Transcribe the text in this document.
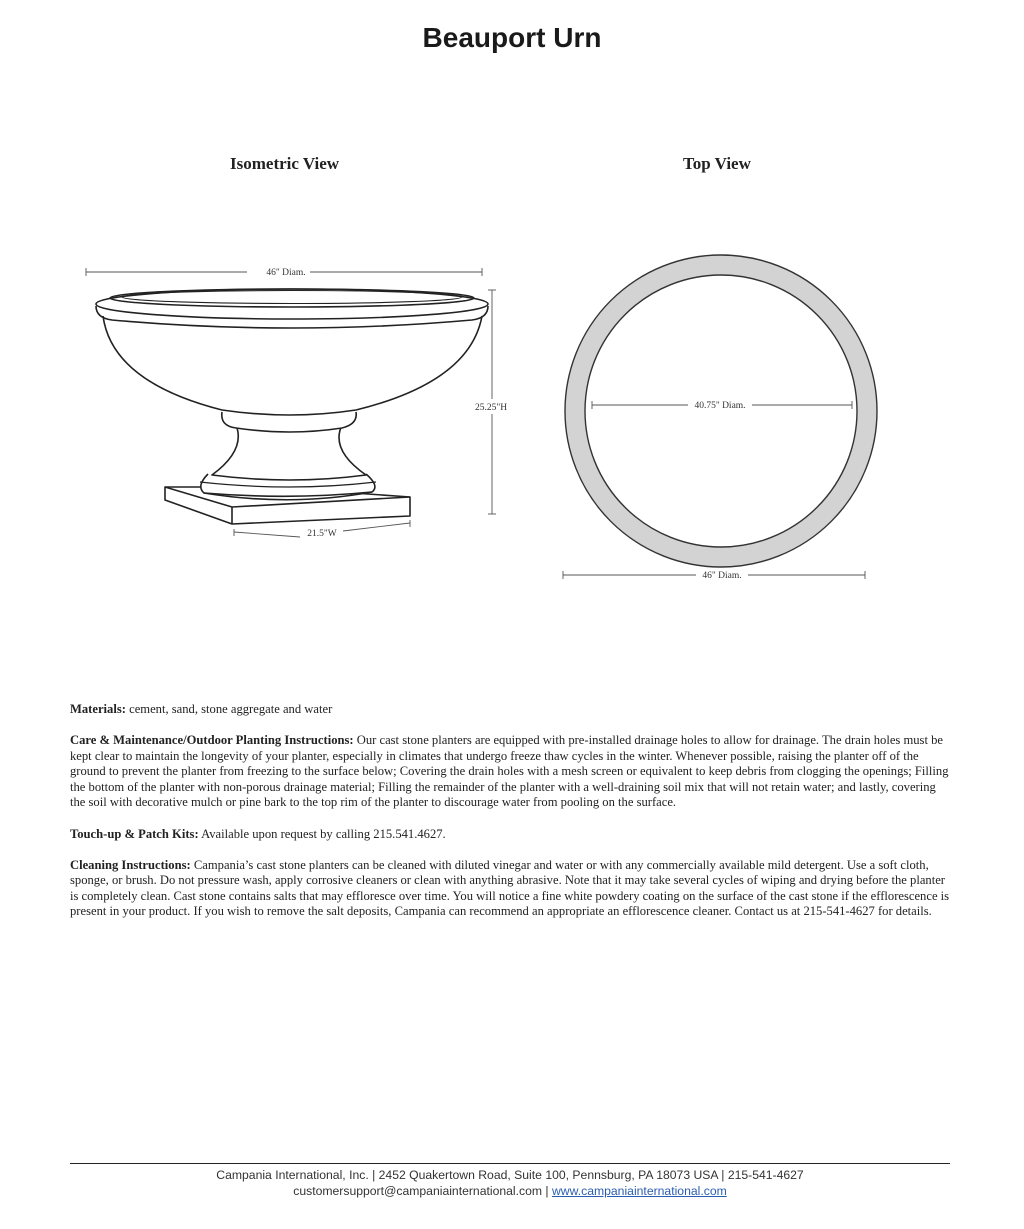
Beauport Urn
Isometric View	Top View
46" Diam.
25.25"H
21.5"W
40.75" Diam.
46" Diam.

Materials: cement, sand, stone aggregate and water

Care & Maintenance/Outdoor Planting Instructions: Our cast stone planters are equipped with pre-installed drainage holes to allow for drainage. The drain holes must be kept clear to maintain the longevity of your planter, especially in climates that undergo freeze thaw cycles in the winter. Whenever possible, raising the planter off of the ground to prevent the planter from freezing to the surface below; Covering the drain holes with a mesh screen or equivalent to keep debris from clogging the openings; Filling the bottom of the planter with non-porous drainage material; Filling the remainder of the planter with a well-draining soil mix that will not retain water; and lastly, covering the soil with decorative mulch or pine bark to the top rim of the planter to discourage water from pooling on the surface.

Touch-up & Patch Kits: Available upon request by calling 215.541.4627.

Cleaning Instructions: Campania’s cast stone planters can be cleaned with diluted vinegar and water or with any commercially available mild detergent. Use a soft cloth, sponge, or brush. Do not pressure wash, apply corrosive cleaners or clean with anything abrasive. Note that it may take several cycles of wiping and drying before the planter is completely clean. Cast stone contains salts that may effloresce over time. You will notice a fine white powdery coating on the surface of the cast stone if the efflorescence is present in your product. If you wish to remove the salt deposits, Campania can recommend an appropriate an efflorescence cleaner. Contact us at 215-541-4627 for details.

Campania International, Inc. | 2452 Quakertown Road, Suite 100, Pennsburg, PA 18073 USA | 215-541-4627
customersupport@campaniainternational.com | www.campaniainternational.com
